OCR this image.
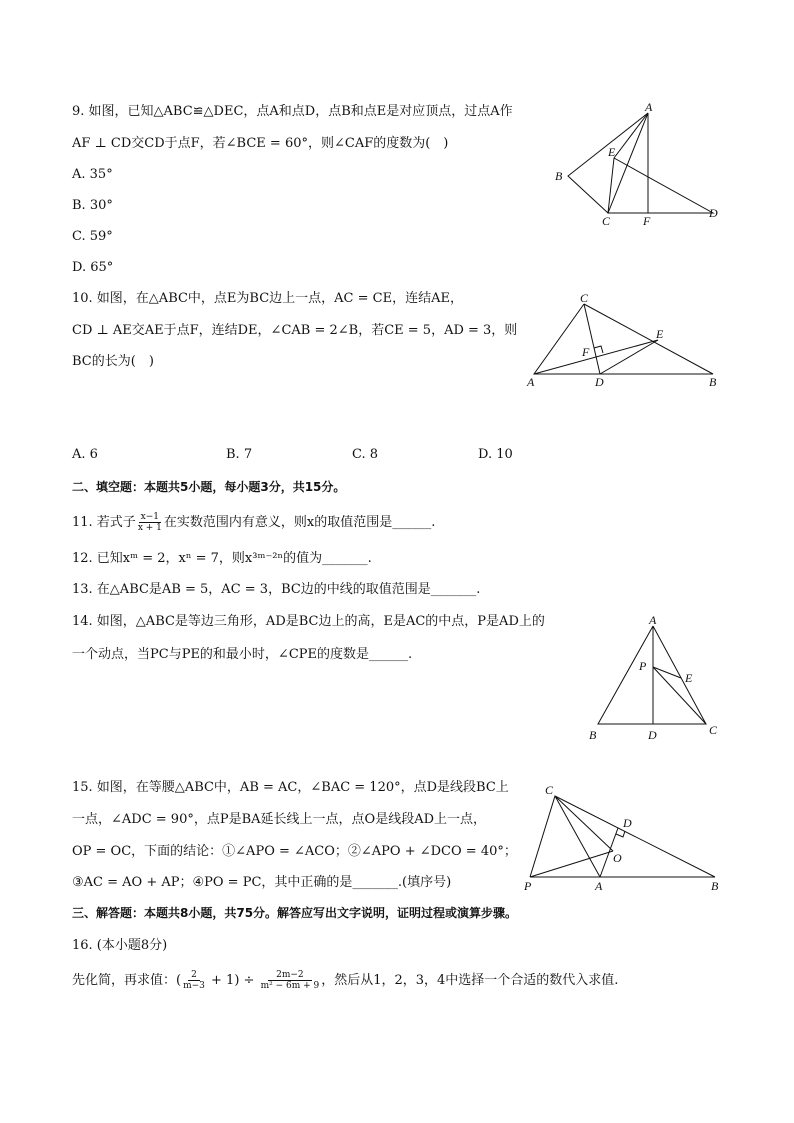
9. 如图，已知△ABC≌△DEC，点A和点D，点B和点E是对应顶点，过点A作
AF ⊥ CD交CD于点F，若∠BCE = 60°，则∠CAF的度数为(　)
A. 35°
B. 30°
C. 59°
D. 65°
A
B
E
C	F
D
10. 如图，在△ABC中，点E为BC边上一点，AC = CE，连结AE，
CD ⊥ AE交AE于点F，连结DE，∠CAB = 2∠B，若CE = 5，AD = 3，则
BC的长为(　)
C
E
F
A	D	B
A. 6	B. 7	C. 8	D. 10
二、填空题：本题共5小题，每小题3分，共15分。
11. 若式子 $\frac{x-1}{x + 1}$ 在实数范围内有意义，则x的取值范围是______.
12. 已知xᵐ = 2，xⁿ = 7，则x³ᵐ⁻²ⁿ的值为_______.
13. 在△ABC是AB = 5，AC = 3，BC边的中线的取值范围是_______.
14. 如图，△ABC是等边三角形，AD是BC边上的高，E是AC的中点，P是AD上的
一个动点，当PC与PE的和最小时，∠CPE的度数是______.
A
P
E
B	D	C
15. 如图，在等腰△ABC中，AB = AC，∠BAC = 120°，点D是线段BC上
一点，∠ADC = 90°，点P是BA延长线上一点，点O是线段AD上一点，
OP = OC，下面的结论：①∠APO = ∠ACO；②∠APO + ∠DCO = 40°；
③AC = AO + AP；④PO = PC，其中正确的是_______.(填序号)
C
D
O
P	A	B
三、解答题：本题共8小题，共75分。解答应写出文字说明，证明过程或演算步骤。
16. (本小题8分)
先化简，再求值：( $\frac{2}{m-3} + 1) \div \frac{2m-2}{\text{m² − 6m + 9}}$ ，然后从1，2，3，4中选择一个合适的数代入求值.
